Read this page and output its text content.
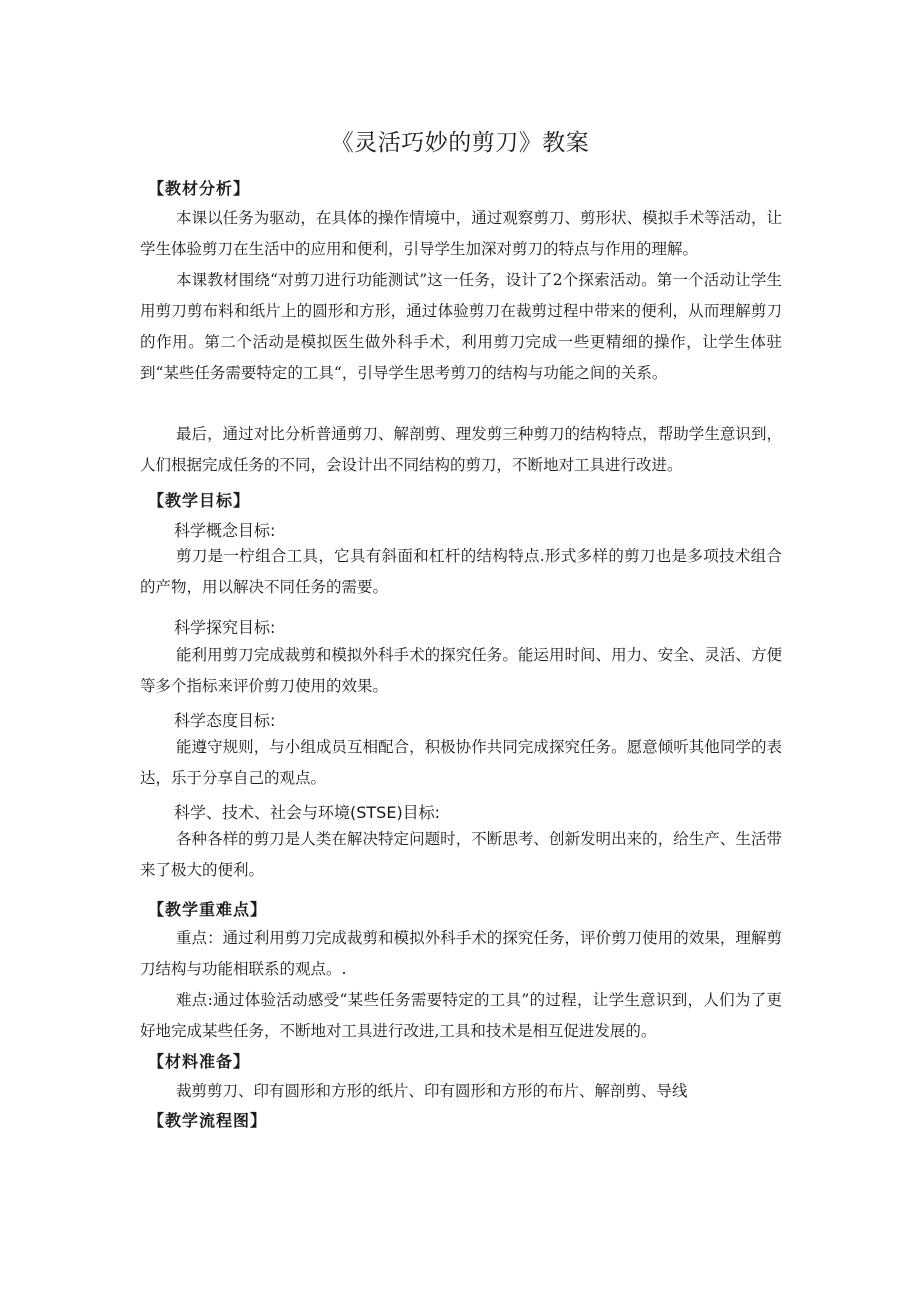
《灵活巧妙的剪刀》教案
【教材分析】
本课以任务为驱动，在具体的操作情境中，通过观察剪刀、剪形状、模拟手术等活动，让学生体验剪刀在生活中的应用和便利，引导学生加深对剪刀的特点与作用的理解。
本课教材围绕“对剪刀进行功能测试”这一任务，设计了2个探索活动。第一个活动让学生用剪刀剪布料和纸片上的圆形和方形，通过体验剪刀在裁剪过程中带来的便利，从而理解剪刀的作用。第二个活动是模拟医生做外科手术，利用剪刀完成一些更精细的操作，让学生体驻到“某些任务需要特定的工具“，引导学生思考剪刀的结构与功能之间的关系。
最后，通过对比分析普通剪刀、解剖剪、理发剪三种剪刀的结构特点，帮助学生意识到，人们根据完成任务的不同，会设计出不同结构的剪刀，不断地对工具进行改进。
【教学目标】
科学概念目标:
剪刀是一柠组合工具，它具有斜面和杠杆的结构特点.形式多样的剪刀也是多项技术组合的产物，用以解决不同任务的需要。
科学探究目标:
能利用剪刀完成裁剪和模拟外科手术的探究任务。能运用时间、用力、安全、灵活、方便等多个指标来评价剪刀使用的效果。
科学态度目标:
能遵守规则，与小组成员互相配合，积极协作共同完成探究任务。愿意倾听其他同学的表达，乐于分享自己的观点。
科学、技术、社会与环境(STSE)目标:
各种各样的剪刀是人类在解决特定问题时，不断思考、创新发明出来的，给生产、生活带来了极大的便利。
【教学重难点】
重点：通过利用剪刀完成裁剪和模拟外科手术的探究任务，评价剪刀使用的效果，理解剪刀结构与功能相联系的观点。.
难点:通过体验活动感受“某些任务需要特定的工具”的过程，让学生意识到，人们为了更好地完成某些任务，不断地对工具进行改进,工具和技术是相互促进发展的。
【材料准备】
裁剪剪刀、印有圆形和方形的纸片、印有圆形和方形的布片、解剖剪、导线
【教学流程图】
